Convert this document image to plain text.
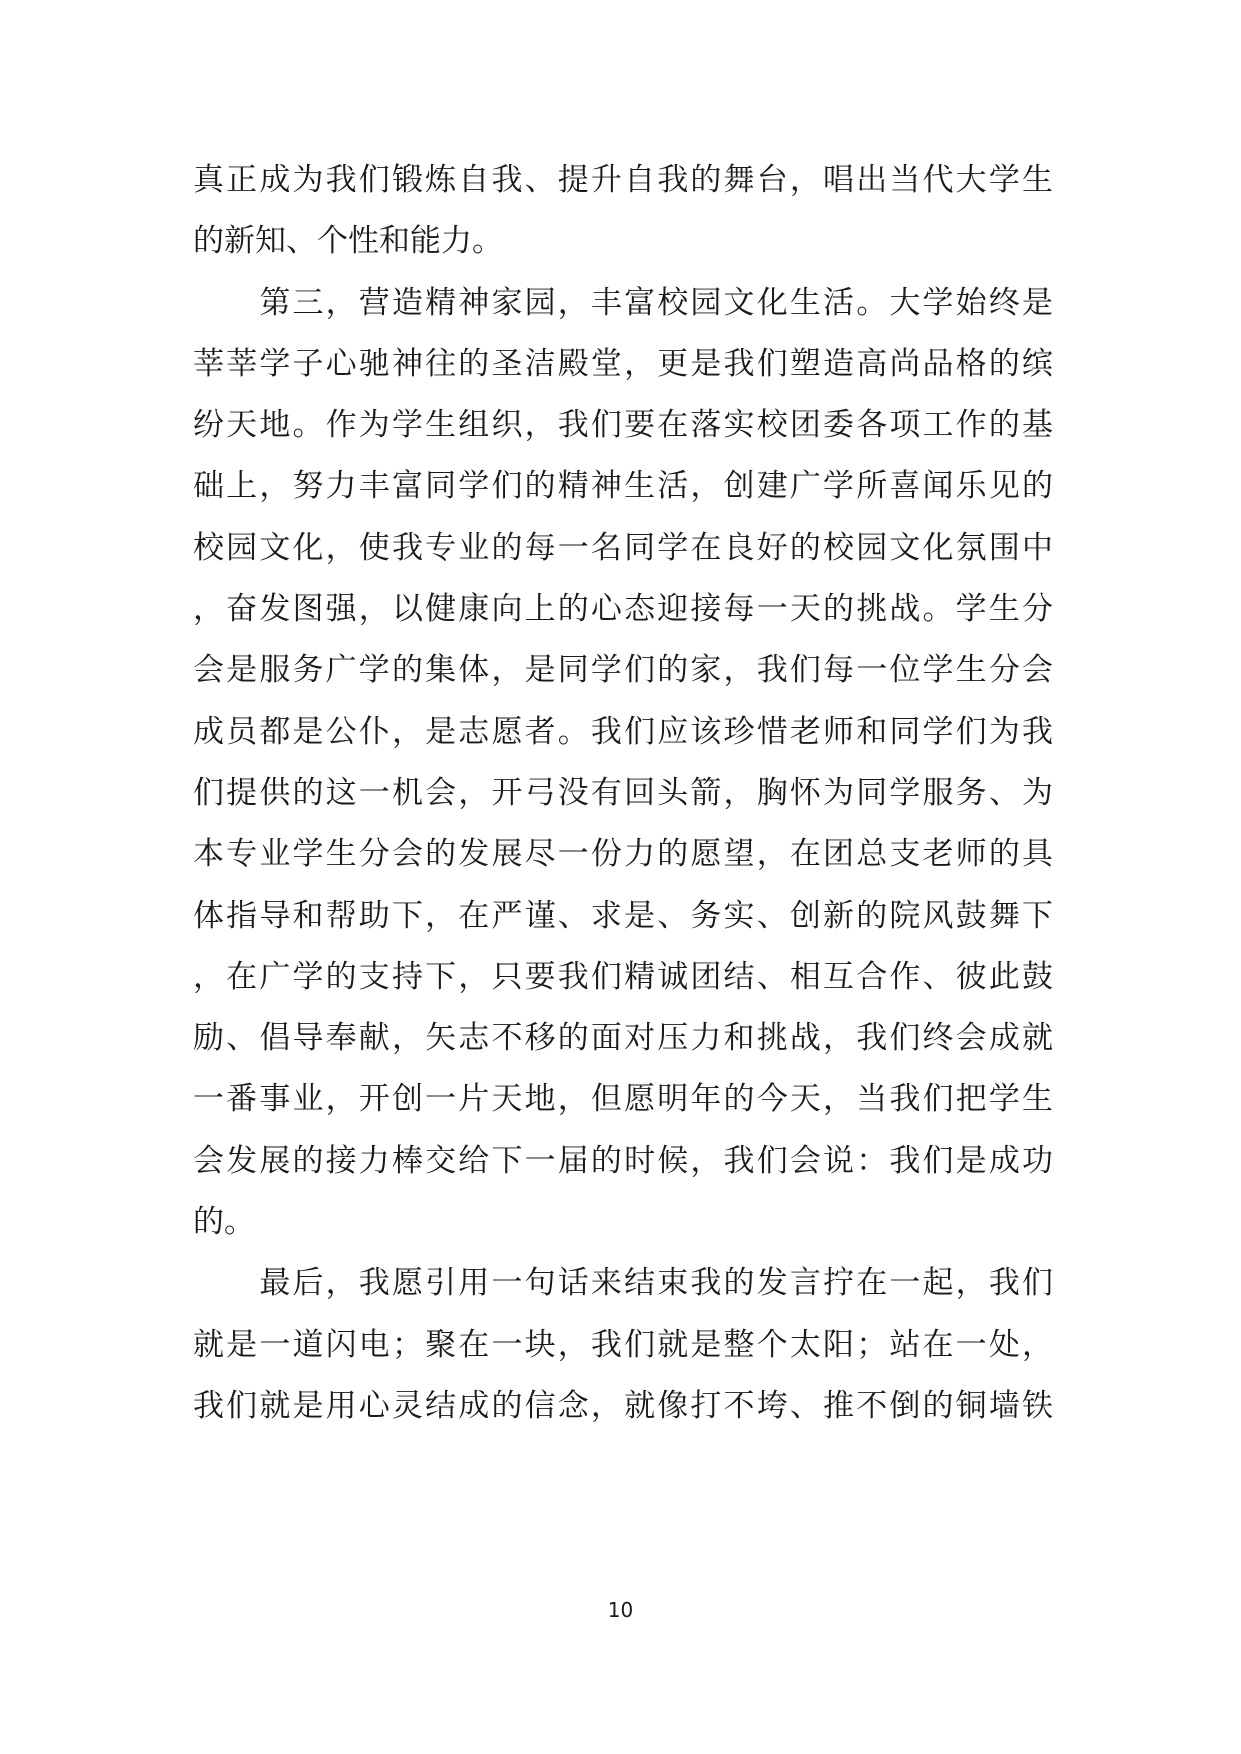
真正成为我们锻炼自我、提升自我的舞台，唱出当代大学生
的新知、个性和能力。
　　第三，营造精神家园，丰富校园文化生活。大学始终是
莘莘学子心驰神往的圣洁殿堂，更是我们塑造高尚品格的缤
纷天地。作为学生组织，我们要在落实校团委各项工作的基
础上，努力丰富同学们的精神生活，创建广学所喜闻乐见的
校园文化，使我专业的每一名同学在良好的校园文化氛围中
，奋发图强，以健康向上的心态迎接每一天的挑战。学生分
会是服务广学的集体，是同学们的家，我们每一位学生分会
成员都是公仆，是志愿者。我们应该珍惜老师和同学们为我
们提供的这一机会，开弓没有回头箭，胸怀为同学服务、为
本专业学生分会的发展尽一份力的愿望，在团总支老师的具
体指导和帮助下，在严谨、求是、务实、创新的院风鼓舞下
，在广学的支持下，只要我们精诚团结、相互合作、彼此鼓
励、倡导奉献，矢志不移的面对压力和挑战，我们终会成就
一番事业，开创一片天地，但愿明年的今天，当我们把学生
会发展的接力棒交给下一届的时候，我们会说：我们是成功
的。
　　最后，我愿引用一句话来结束我的发言拧在一起，我们
就是一道闪电；聚在一块，我们就是整个太阳；站在一处，
我们就是用心灵结成的信念，就像打不垮、推不倒的铜墙铁
10
